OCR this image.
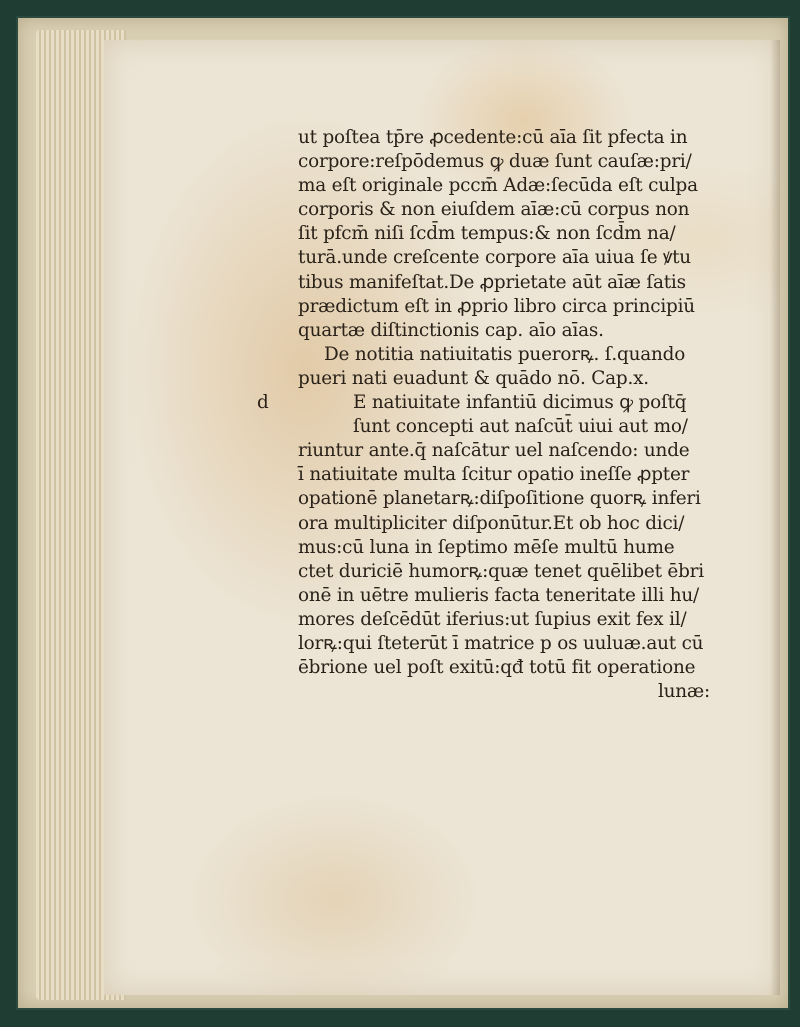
ut poſtea tp̄re ꝓcedente:cū aīa ſit pfecta in
corpore:reſpōdemus ꝙ duæ ſunt cauſæ:pri/
ma eſt originale pccm̄ Adæ:ſecūda eſt culpa
corporis & non eiuſdem aīæ:cū corpus non
ſit pfcm̄ niſi ſcd̄m tempus:& non ſcd̄m na/
turā.unde creſcente corpore aīa uiua ſe ꝟtu
tibus manifeſtat.De ꝓprietate aūt aīæ ſatis
prædictum eſt in ꝓprio libro circa principiū
quartæ diſtinctionis cap. aīo aīas.
De notitia natiuitatis puerorꝶ. ſ.quando
pueri nati euadunt & quādo nō. Cap.x.
d	E natiuitate infantiū dicimus ꝙ poſtq̄
ſunt concepti aut naſcūt̄ uiui aut mo/
riuntur ante.q̄ naſcātur uel naſcendo: unde
ī natiuitate multa ſcitur opatio ineſſe ꝓpter
opationē planetarꝶ:diſpoſitione quorꝶ inferi
ora multipliciter diſponūtur.Et ob hoc dici/
mus:cū luna in ſeptimo mēſe multū hume
ctet duriciē humorꝶ:quæ tenet quēlibet ēbri
onē in uētre mulieris facta teneritate illi hu/
mores deſcēdūt iferius:ut ſupius exit fex il/
lorꝶ:qui ſteterūt ī matrice p os uuluæ.aut cū
ēbrione uel poſt exitū:qđ totū fit operatione
lunæ:
